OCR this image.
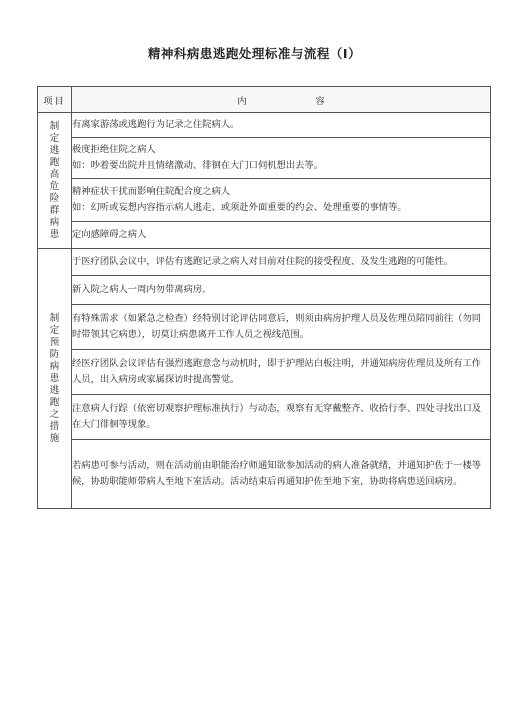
精神科病患逃跑处理标准与流程（I）
项目	内 容
制定逃跑高危险群病患	有离家游荡或逃跑行为记录之住院病人。

	极度拒绝住院之病人
如：吵着要出院并且情绪激动、徘徊在大门口伺机想出去等。

	精神症状干扰而影响住院配合度之病人
如：幻听或妄想内容指示病人逃走、或须赴外面重要的约会、处理重要的事情等。

	定向感障碍之病人

制定预防病患逃跑之措施	于医疗团队会议中，评估有逃跑记录之病人对目前对住院的接受程度、及发生逃跑的可能性。

	新入院之病人一周内勿带离病房。

	有特殊需求（如紧急之检查）经特别讨论评估同意后，则须由病房护理人员及佐理员陪同前往（勿同时带领其它病患），切莫让病患离开工作人员之视线范围。

	经医疗团队会议评估有强烈逃跑意念与动机时，即于护理站白板注明，并通知病房佐理员及所有工作人员，出入病房或家属探访时提高警觉。

	注意病人行踪（依密切观察护理标准执行）与动态，观察有无穿戴整齐、收拾行李、四处寻找出口及在大门徘徊等现象。

	若病患可参与活动，则在活动前由职能治疗师通知欲参加活动的病人准备就绪，并通知护佐于一楼等候，协助职能师带病人至地下室活动。活动结束后再通知护佐至地下室，协助将病患送回病房。
